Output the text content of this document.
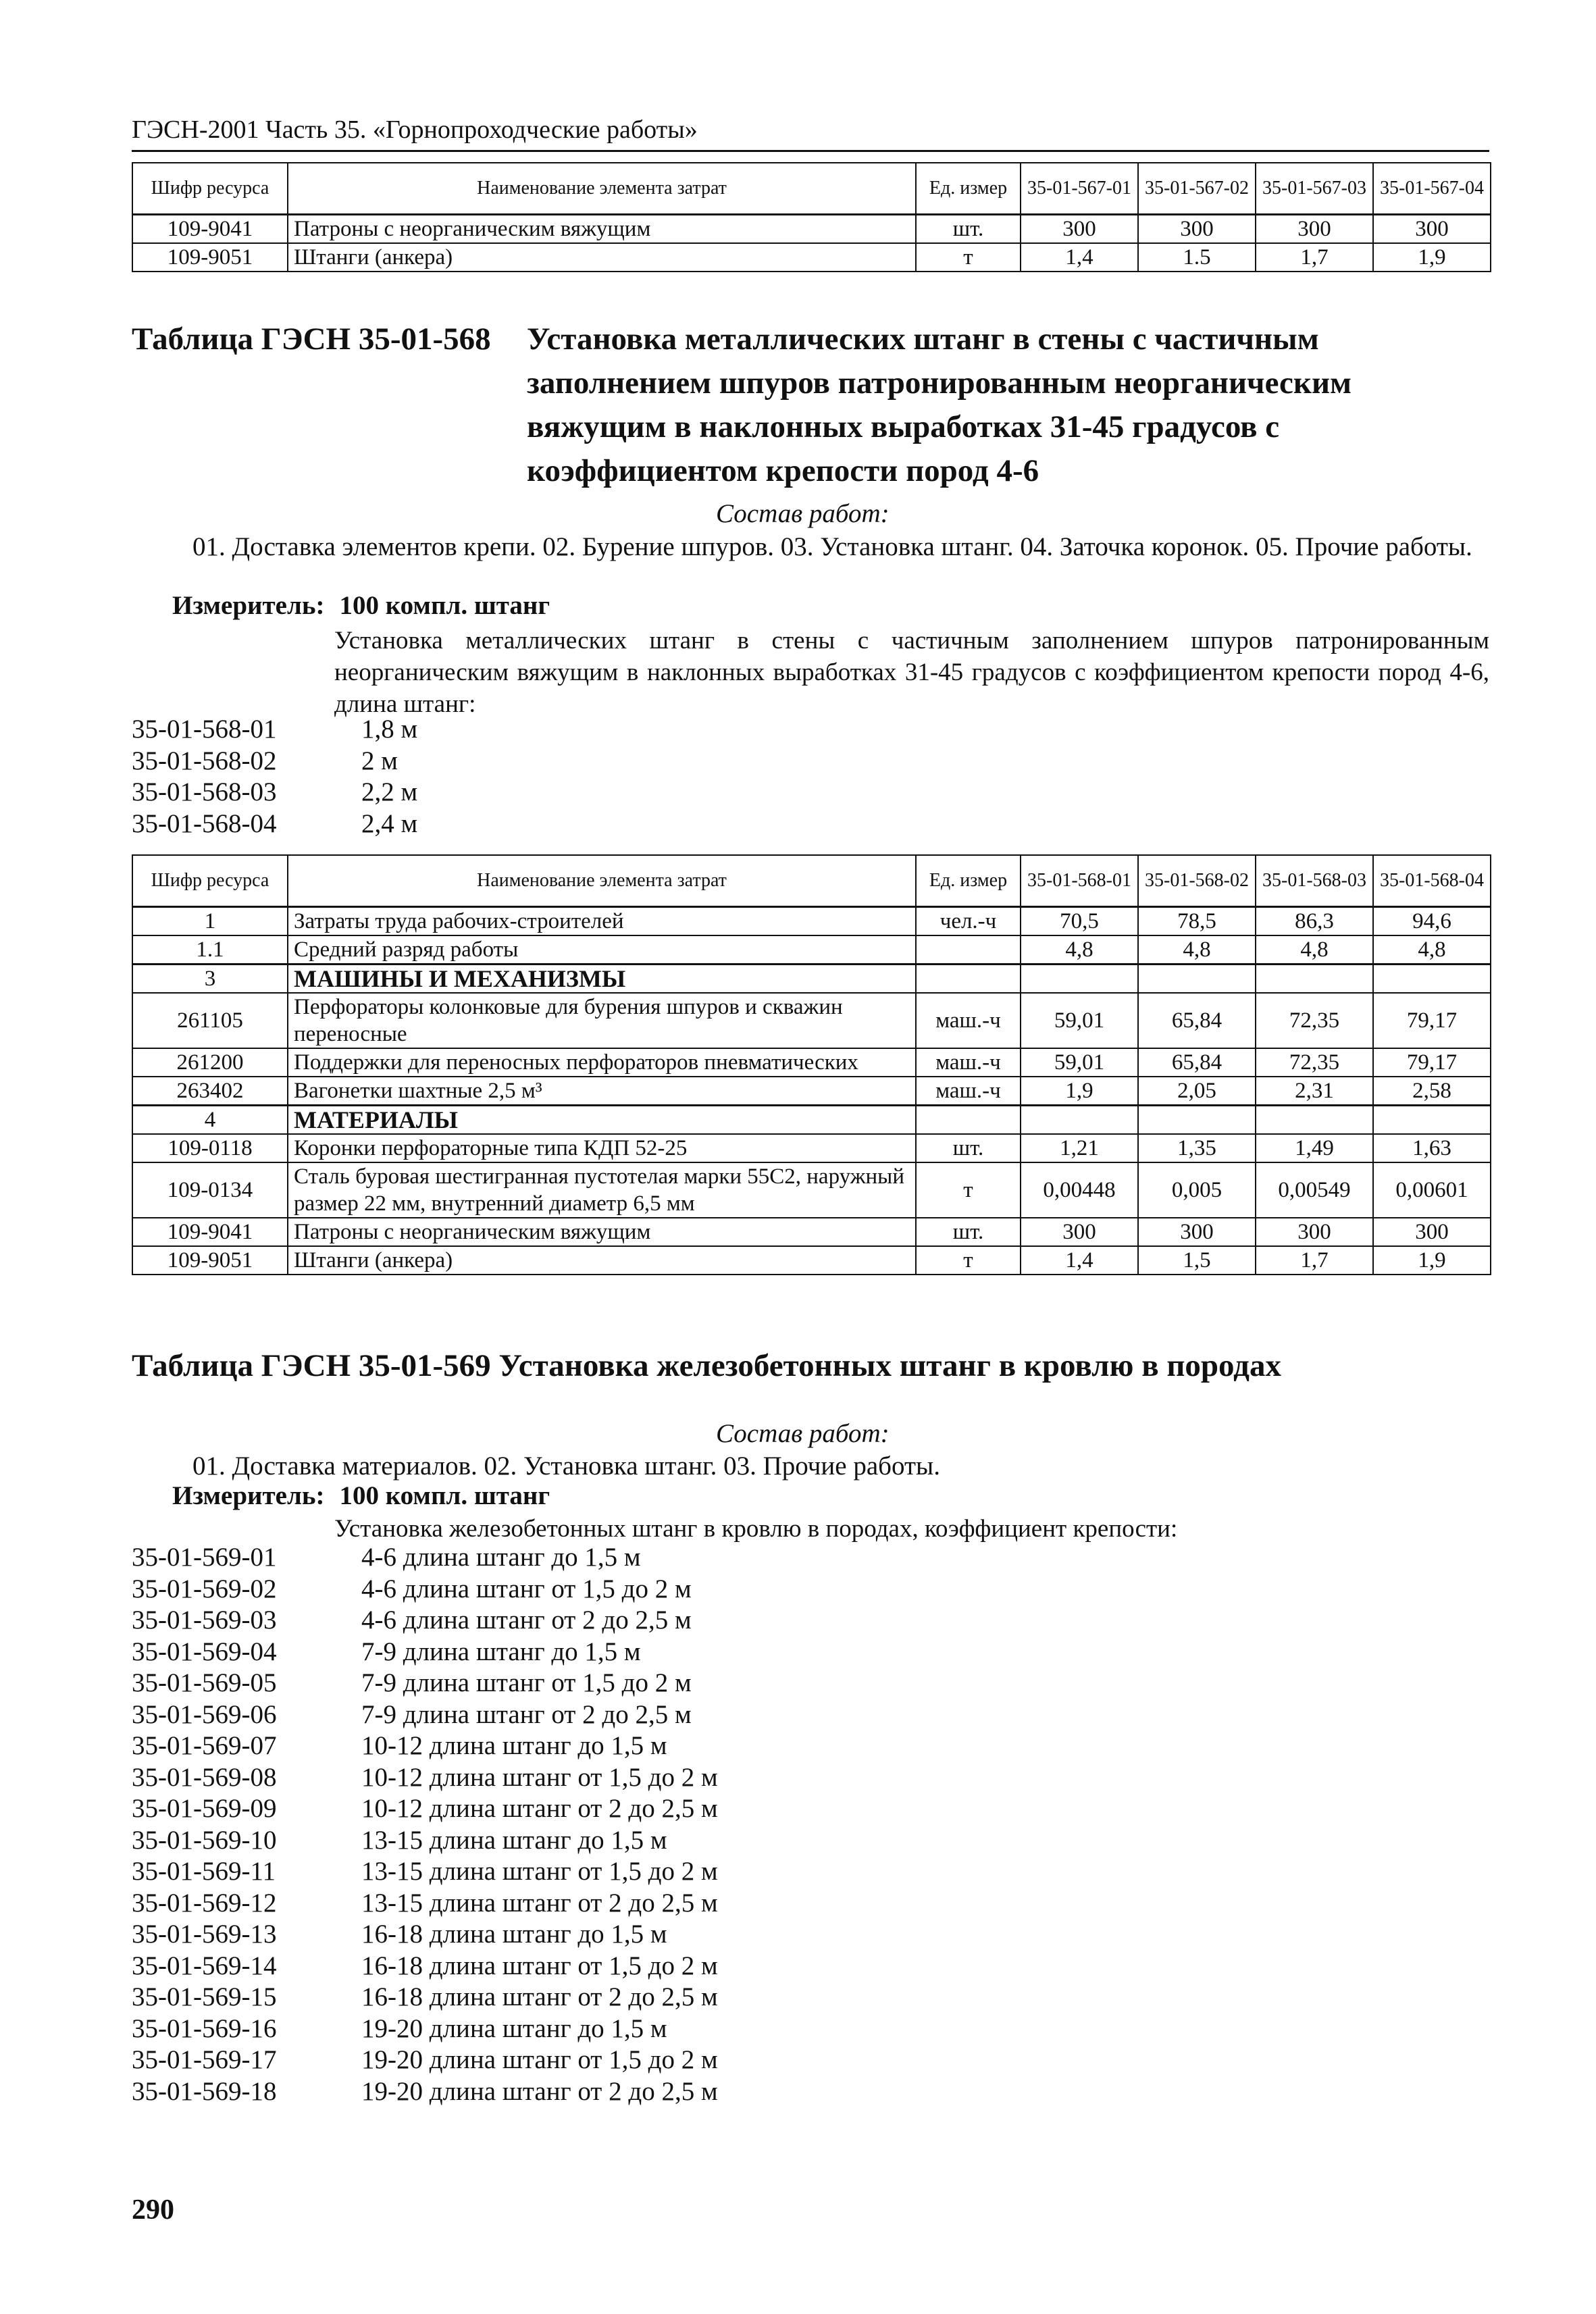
ГЭСН-2001 Часть 35. «Горнопроходческие работы»
Шифр ресурса	Наименование элемента затрат	Ед. измер	35-01-567-01	35-01-567-02	35-01-567-03	35-01-567-04
109-9041	Патроны с неорганическим вяжущим	шт.	300	300	300	300
109-9051	Штанги (анкера)	т	1,4	1.5	1,7	1,9
Таблица ГЭСН 35-01-568 Установка металлических штанг в стены с частичным заполнением шпуров патронированным неорганическим вяжущим в наклонных выработках 31-45 градусов с коэффициентом крепости пород 4-6
Состав работ:
01. Доставка элементов крепи. 02. Бурение шпуров. 03. Установка штанг. 04. Заточка коронок. 05. Прочие работы.
Измеритель: 100 компл. штанг
Установка металлических штанг в стены с частичным заполнением шпуров патронированным неорганическим вяжущим в наклонных выработках 31-45 градусов с коэффициентом крепости пород 4-6, длина штанг:
35-01-568-01	1,8 м
35-01-568-02	2 м
35-01-568-03	2,2 м
35-01-568-04	2,4 м
Шифр ресурса	Наименование элемента затрат	Ед. измер	35-01-568-01	35-01-568-02	35-01-568-03	35-01-568-04
1	Затраты труда рабочих-строителей	чел.-ч	70,5	78,5	86,3	94,6
1.1	Средний разряд работы		4,8	4,8	4,8	4,8
3	МАШИНЫ И МЕХАНИЗМЫ					
261105	Перфораторы колонковые для бурения шпуров и скважин переносные	маш.-ч	59,01	65,84	72,35	79,17
261200	Поддержки для переносных перфораторов пневматических	маш.-ч	59,01	65,84	72,35	79,17
263402	Вагонетки шахтные 2,5 м³	маш.-ч	1,9	2,05	2,31	2,58
4	МАТЕРИАЛЫ					
109-0118	Коронки перфораторные типа КДП 52-25	шт.	1,21	1,35	1,49	1,63
109-0134	Сталь буровая шестигранная пустотелая марки 55С2, наружный размер 22 мм, внутренний диаметр 6,5 мм	т	0,00448	0,005	0,00549	0,00601
109-9041	Патроны с неорганическим вяжущим	шт.	300	300	300	300
109-9051	Штанги (анкера)	т	1,4	1,5	1,7	1,9
Таблица ГЭСН 35-01-569 Установка железобетонных штанг в кровлю в породах
Состав работ:
01. Доставка материалов. 02. Установка штанг. 03. Прочие работы.
Измеритель: 100 компл. штанг
Установка железобетонных штанг в кровлю в породах, коэффициент крепости:
35-01-569-01	4-6 длина штанг до 1,5 м
35-01-569-02	4-6 длина штанг от 1,5 до 2 м
35-01-569-03	4-6 длина штанг от 2 до 2,5 м
35-01-569-04	7-9 длина штанг до 1,5 м
35-01-569-05	7-9 длина штанг от 1,5 до 2 м
35-01-569-06	7-9 длина штанг от 2 до 2,5 м
35-01-569-07	10-12 длина штанг до 1,5 м
35-01-569-08	10-12 длина штанг от 1,5 до 2 м
35-01-569-09	10-12 длина штанг от 2 до 2,5 м
35-01-569-10	13-15 длина штанг до 1,5 м
35-01-569-11	13-15 длина штанг от 1,5 до 2 м
35-01-569-12	13-15 длина штанг от 2 до 2,5 м
35-01-569-13	16-18 длина штанг до 1,5 м
35-01-569-14	16-18 длина штанг от 1,5 до 2 м
35-01-569-15	16-18 длина штанг от 2 до 2,5 м
35-01-569-16	19-20 длина штанг до 1,5 м
35-01-569-17	19-20 длина штанг от 1,5 до 2 м
35-01-569-18	19-20 длина штанг от 2 до 2,5 м
290
